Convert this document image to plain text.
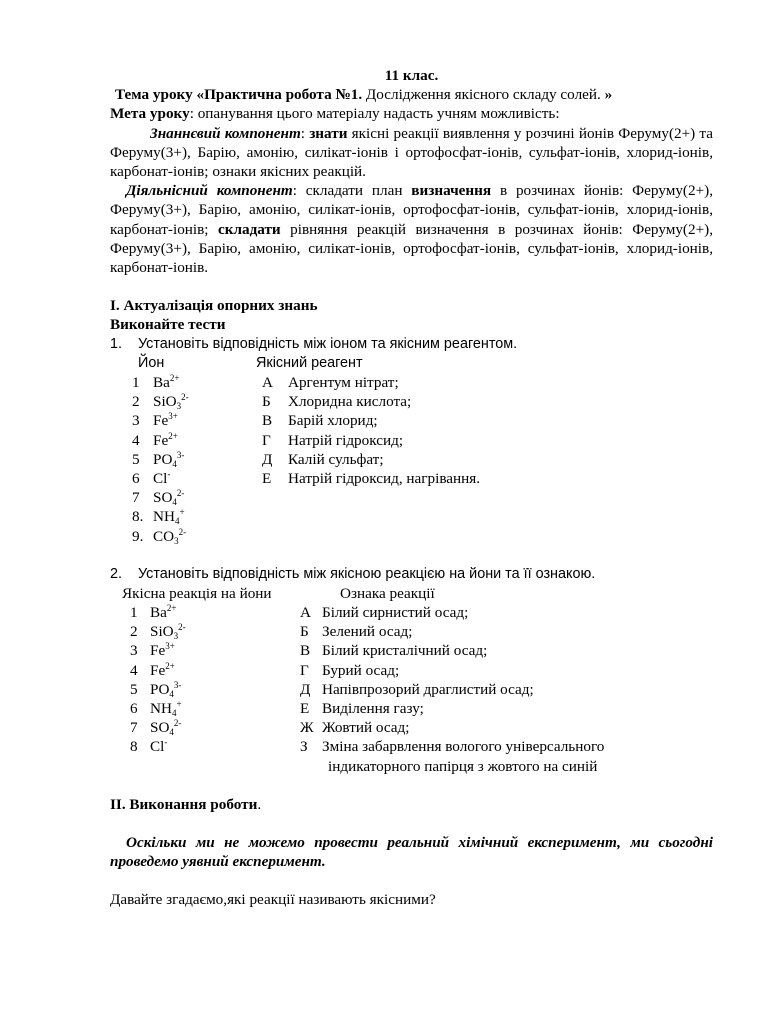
11 клас.
Тема уроку «Практична робота №1. Дослідження якісного складу солей. »
Мета уроку: опанування цього матеріалу надасть учням можливість:
Знаннєвий компонент: знати якісні реакції виявлення у розчині йонів Феруму(2+) та Феруму(3+), Барію, амонію, силікат-іонів і ортофосфат-іонів, сульфат-іонів, хлорид-іонів, карбонат-іонів; ознаки якісних реакцій.
Діяльнісний компонент: складати план визначення в розчинах йонів: Феруму(2+), Феруму(3+), Барію, амонію, силікат-іонів, ортофосфат-іонів, сульфат-іонів, хлорид-іонів, карбонат-іонів; складати рівняння реакцій визначення в розчинах йонів: Феруму(2+), Феруму(3+), Барію, амонію, силікат-іонів, ортофосфат-іонів, сульфат-іонів, хлорид-іонів, карбонат-іонів.
І. Актуалізація опорних знань
Виконайте тести
1. Установіть відповідність між іоном та якісним реагентом.
Йон	Якісний реагент
1 $Ba^{2+}$	А Аргентум нітрат;
2 SiO$_3^{2-}$	Б Хлоридна кислота;
3 $Fe^{3+}$	В Барій хлорид;
4 $Fe^{2+}$	Г Натрій гідроксид;
5 $PO_4^{3-}$	Д Калій сульфат;
6 Cl-	Е Натрій гідроксид, нагрівання.
7 $SO_4^{2-}$
8. $NH_4^+$
9. $CO_3^{2-}$
2. Установіть відповідність між якісною реакцією на йони та її ознакою.
Якісна реакція на йони	Ознака реакції
1 $Ba^{2+}$	А Білий сирнистий осад;
2 SiO$_3^{2-}$	Б Зелений осад;
3 $Fe^{3+}$	В Білий кристалічний осад;
4 $Fe^{2+}$	Г Бурий осад;
5 $PO_4^{3-}$	Д Напівпрозорий драглистий осад;
6 $NH_4^+$	Е Виділення газу;
7 $SO_4^{2-}$	Ж Жовтий осад;
8 Cl-	З Зміна забарвлення вологого універсального
індикаторного папірця з жовтого на синій
ІІ. Виконання роботи.
Оскільки ми не можемо провести реальний хімічний експеримент, ми сьогодні проведемо уявний експеримент.
Давайте згадаємо,які реакції називають якісними?
